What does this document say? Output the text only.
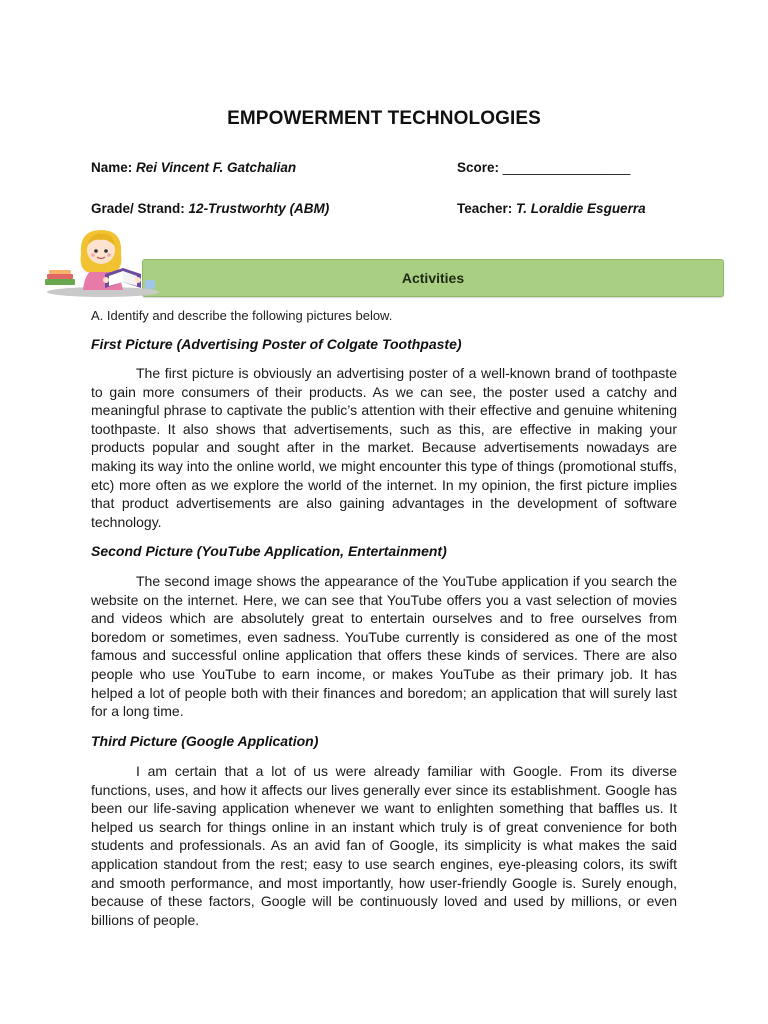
EMPOWERMENT TECHNOLOGIES
Name: Rei Vincent F. Gatchalian	Score: _________________
Grade/ Strand: 12-Trustworhty (ABM)	Teacher: T. Loraldie Esguerra
Activities
A. Identify and describe the following pictures below.
First Picture (Advertising Poster of Colgate Toothpaste)

The first picture is obviously an advertising poster of a well-known brand of toothpaste to gain more consumers of their products. As we can see, the poster used a catchy and meaningful phrase to captivate the public’s attention with their effective and genuine whitening toothpaste. It also shows that advertisements, such as this, are effective in making your products popular and sought after in the market. Because advertisements nowadays are making its way into the online world, we might encounter this type of things (promotional stuffs, etc) more often as we explore the world of the internet. In my opinion, the first picture implies that product advertisements are also gaining advantages in the development of software technology.

Second Picture (YouTube Application, Entertainment)

The second image shows the appearance of the YouTube application if you search the website on the internet. Here, we can see that YouTube offers you a vast selection of movies and videos which are absolutely great to entertain ourselves and to free ourselves from boredom or sometimes, even sadness. YouTube currently is considered as one of the most famous and successful online application that offers these kinds of services. There are also people who use YouTube to earn income, or makes YouTube as their primary job. It has helped a lot of people both with their finances and boredom; an application that will surely last for a long time.

Third Picture (Google Application)

I am certain that a lot of us were already familiar with Google. From its diverse functions, uses, and how it affects our lives generally ever since its establishment. Google has been our life-saving application whenever we want to enlighten something that baffles us. It helped us search for things online in an instant which truly is of great convenience for both students and professionals. As an avid fan of Google, its simplicity is what makes the said application standout from the rest; easy to use search engines, eye-pleasing colors, its swift and smooth performance, and most importantly, how user-friendly Google is. Surely enough, because of these factors, Google will be continuously loved and used by millions, or even billions of people.
